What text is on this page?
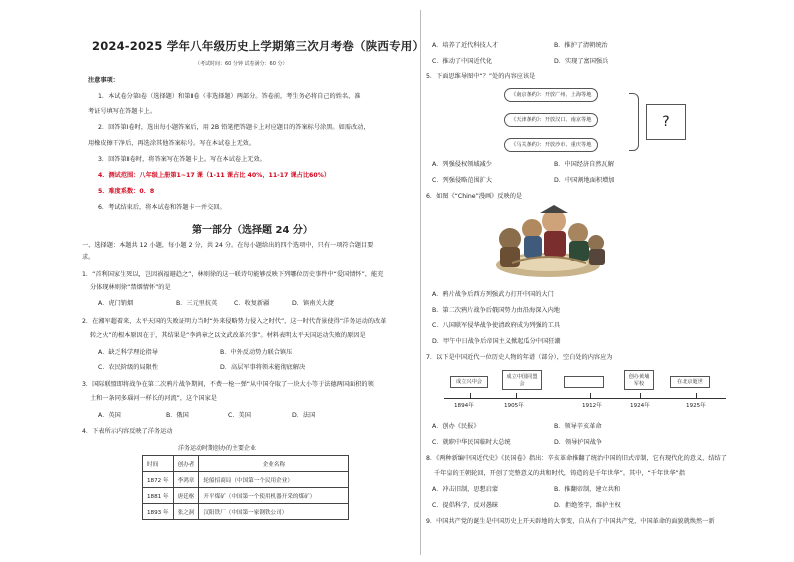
2024-2025 学年八年级历史上学期第三次月考卷（陕西专用）
（考试时间：60 分钟 试卷满分：60 分）
注意事项：
1．本试卷分第Ⅰ卷（选择题）和第Ⅱ卷（非选择题）两部分。答卷前，考生务必将自己的姓名、准
考证号填写在答题卡上。
2．回答第Ⅰ卷时，选出每小题答案后，用 2B 铅笔把答题卡上对应题目的答案标号涂黑。如需改动，
用橡皮擦干净后，再选涂其他答案标号。写在本试卷上无效。
3．回答第Ⅱ卷时，将答案写在答题卡上。写在本试卷上无效。
4．测试范围：八年级上册第1~17 课（1-11 课占比 40%，11-17 课占比60%）
5．难度系数：0．8
6．考试结束后，将本试卷和答题卡一并交回。
第一部分（选择题 24 分）
一、选择题：本题共 12 小题，每小题 2 分，共 24 分。在每小题给出的四个选项中，只有一项符合题目要
求。
1．“首利国家生死以，岂因祸福避趋之”，林则徐的这一联诗句能够反映下列哪位历史事件中“爱国情怀”，能充
分体现林则徐“禁烟情怀”的是
A．虎门销烟	B．三元里抗英	C．收复新疆	D．镇南关大捷
2．在湘军超着来，太平天国的失败证明力当时“外来侵略势力侵入之时代”，这一时代背景使得“洋务运动的改革
转之火”的根本原因在于，其结果是“李鸿章之以文武改革兴事”。材料表明太平天国运动失败的原因是
A．缺乏科学理论指导	B．中外反动势力联合镇压
C．农民阶级的局限性	D．高层军事将领未能彻底解决
3．国际联盟即将战争在第二次鸦片战争期间，不费一枪一弹“从中国夺取了一块大小等于法德两国面积的领
土和一条同多瑙河一样长的河流”，这个国家是
A．英国	B．俄国	C．美国	D．法国
4．下表所示内容反映了洋务运动
洋务运动时期创办的主要企业
时间	创办者	企业名称
1872 年	李鸿章	轮船招商局（中国第一个民用企业）
1881 年	唐廷枢	开平煤矿（中国第一个使用机器开采的煤矿）
1893 年	张之洞	汉阳铁厂（中国第一家钢铁公司）
A．培养了近代科技人才	B．推护了清朝统治
C．推动了中国近代化	D．实现了富国强兵
5．下面思维导图中“？”处的内容应该是
《南京条约》：开放广州、上海等地
《天津条约》：开放汉口、南京等地
《马关条约》：开放沙市、重庆等地
?
A．列强侵权领域减少	B．中国经济自然瓦解
C．列强侵略范围扩大	D．中国割地面积增加
6．如图《“Chine”漫画》反映的是
A．鸦片战争后西方列强武力打开中国的大门
B．第二次鸦片战争后俄国势力由沿海深入内地
C．八国联军侵华战争使清政府成为列强的工具
D．甲午中日战争后帝国主义掀起瓜分中国狂潮
7．以下是中国近代一位历史人物的年谱（部分），空白处的内容应为
成立兴中会
成立中国同盟会
创办黄埔军校	在北京逝世
1894年	1905年	1912年	1924年	1925年
A．创办《民报》	B．领导辛亥革命
C．就职中华民国临时大总统	D．领导护国战争
8．《两种新编中国近代史》《民国卷》指出：辛亥革命推翻了统治中国的旧式帝制，它有现代化的意义，结结了
千年皇的王朝轮回，开创了完整意义的共和时代，铸造的是千年世华”。其中，“千年世华”指
A．冲击旧制，思想启蒙	B．推翻帝制，建立共和
C．提倡科学，反对愚昧	D．拒绝签字，维护主权
9．中国共产党的诞生是中国历史上开天辟地的大事变，自从有了中国共产党，中国革命的面貌就焕然一新
